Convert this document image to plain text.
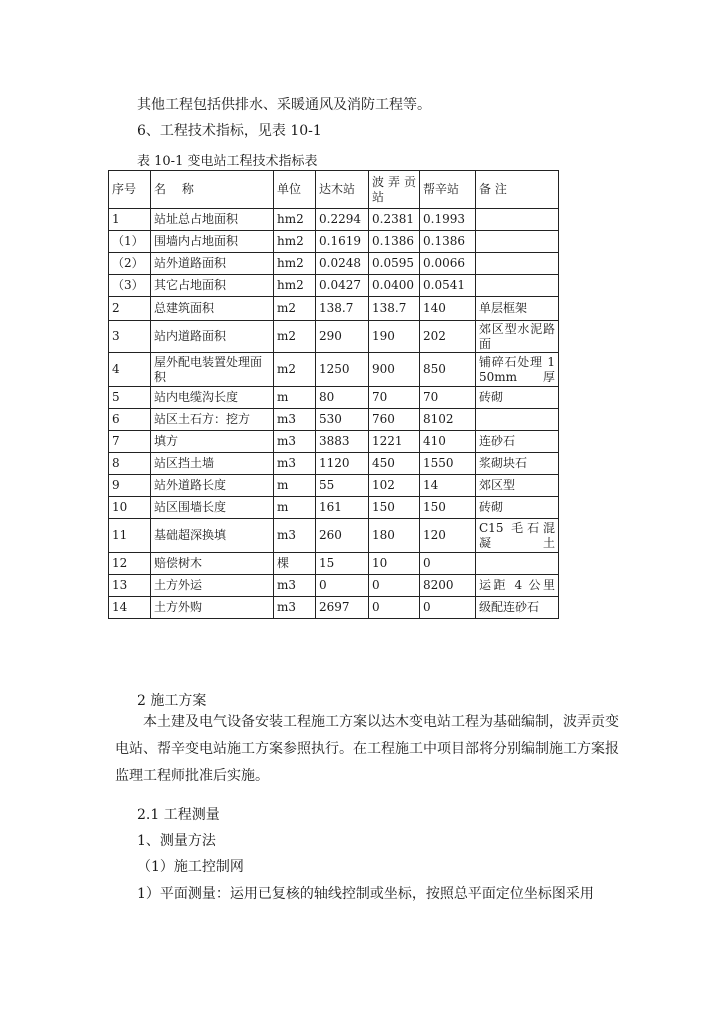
其他工程包括供排水、采暖通风及消防工程等。
6、工程技术指标，见表 10-1
表 10-1 变电站工程技术指标表
序号	名　 称	单位	达木站	波弄贡站	帮辛站	备 注
1	站址总占地面积	hm2	0.2294	0.2381	0.1993	
（1）	围墙内占地面积	hm2	0.1619	0.1386	0.1386	
（2）	站外道路面积	hm2	0.0248	0.0595	0.0066	
（3）	其它占地面积	hm2	0.0427	0.0400	0.0541	
2	总建筑面积	m2	138.7	138.7	140	单层框架
3	站内道路面积	m2	290	190	202	郊区型水泥路面
4	屋外配电装置处理面积	m2	1250	900	850	铺碎石处理 150mm 厚
5	站内电缆沟长度	m	80	70	70	砖砌
6	站区土石方：挖方	m3	530	760	8102	
7	填方	m3	3883	1221	410	连砂石
8	站区挡土墙	m3	1120	450	1550	浆砌块石
9	站外道路长度	m	55	102	14	郊区型
10	站区围墙长度	m	161	150	150	砖砌
11	基础超深换填	m3	260	180	120	C15 毛石混凝土
12	赔偿树木	棵	15	10	0	
13	土方外运	m3	0	0	8200	运距 4 公里
14	土方外购	m3	2697	0	0	级配连砂石
2 施工方案
本土建及电气设备安装工程施工方案以达木变电站工程为基础编制，波弄贡变电站、帮辛变电站施工方案参照执行。在工程施工中项目部将分别编制施工方案报监理工程师批准后实施。
2.1 工程测量
1、测量方法
（1）施工控制网
1）平面测量：运用已复核的轴线控制或坐标，按照总平面定位坐标图采用
